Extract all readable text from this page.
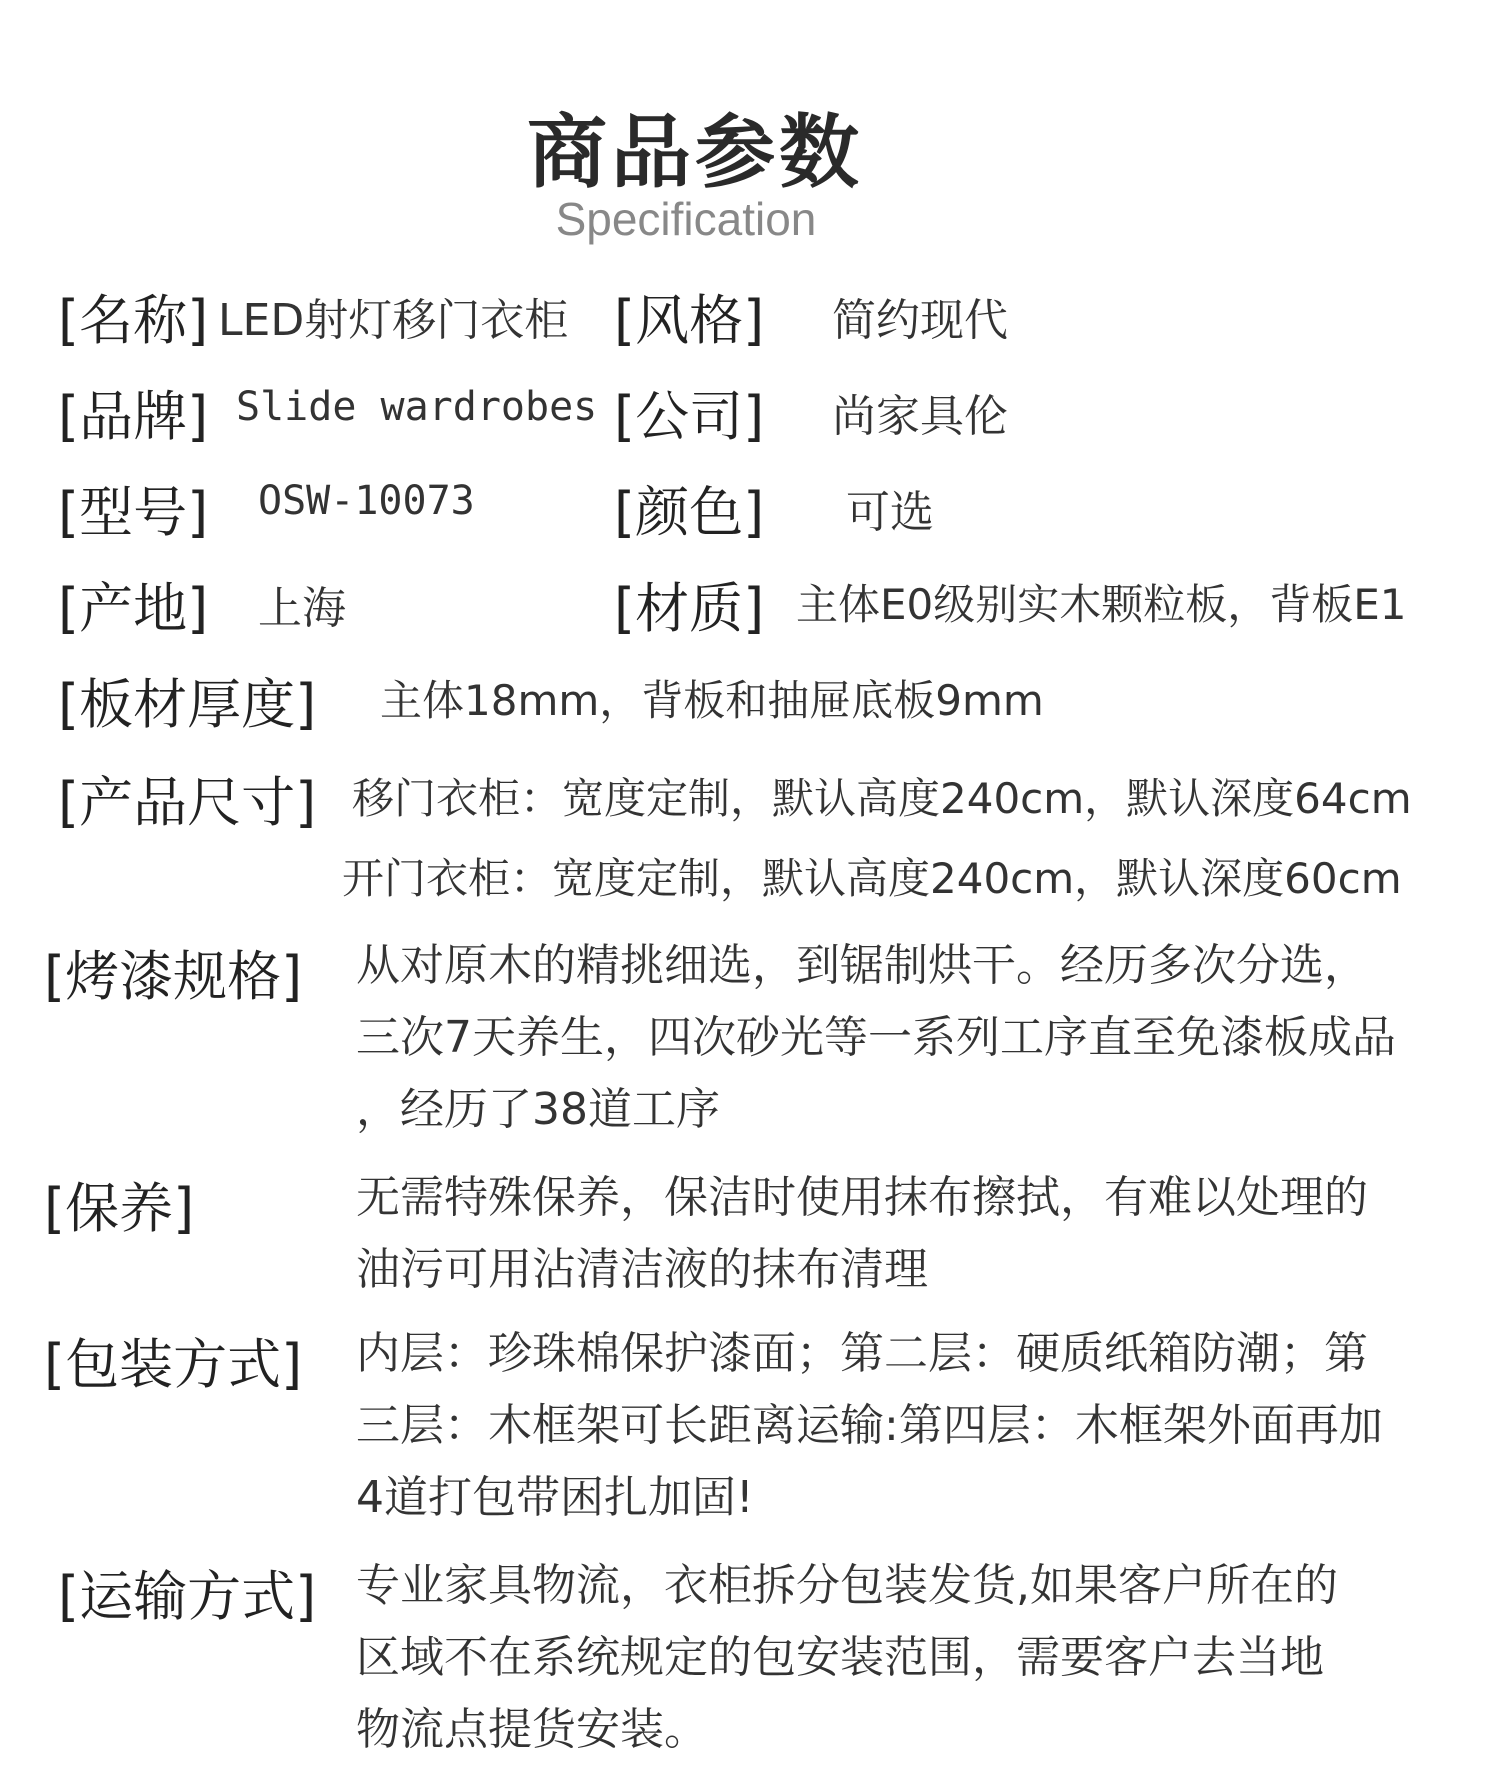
商品参数
Specification
[名称] LED射灯移门衣柜 [风格] 简约现代
[品牌] Slide wardrobes [公司] 尚家具伦
[型号] OSW-10073	[颜色] 可选
[产地] 上海	[材质] 主体E0级别实木颗粒板，背板E1
[板材厚度] 主体18mm，背板和抽屉底板9mm
[产品尺寸] 移门衣柜：宽度定制，默认高度240cm，默认深度64cm
开门衣柜：宽度定制，默认高度240cm，默认深度60cm
[烤漆规格] 从对原木的精挑细选，到锯制烘干。经历多次分选，
三次7天养生，四次砂光等一系列工序直至免漆板成品
，经历了38道工序
[保养]	无需特殊保养，保洁时使用抹布擦拭，有难以处理的
油污可用沾清洁液的抹布清理
[包装方式] 内层：珍珠棉保护漆面；第二层：硬质纸箱防潮；第
三层：木框架可长距离运输:第四层：木框架外面再加
4道打包带困扎加固!
[运输方式] 专业家具物流，衣柜拆分包装发货,如果客户所在的
区域不在系统规定的包安装范围，需要客户去当地
物流点提货安装。
